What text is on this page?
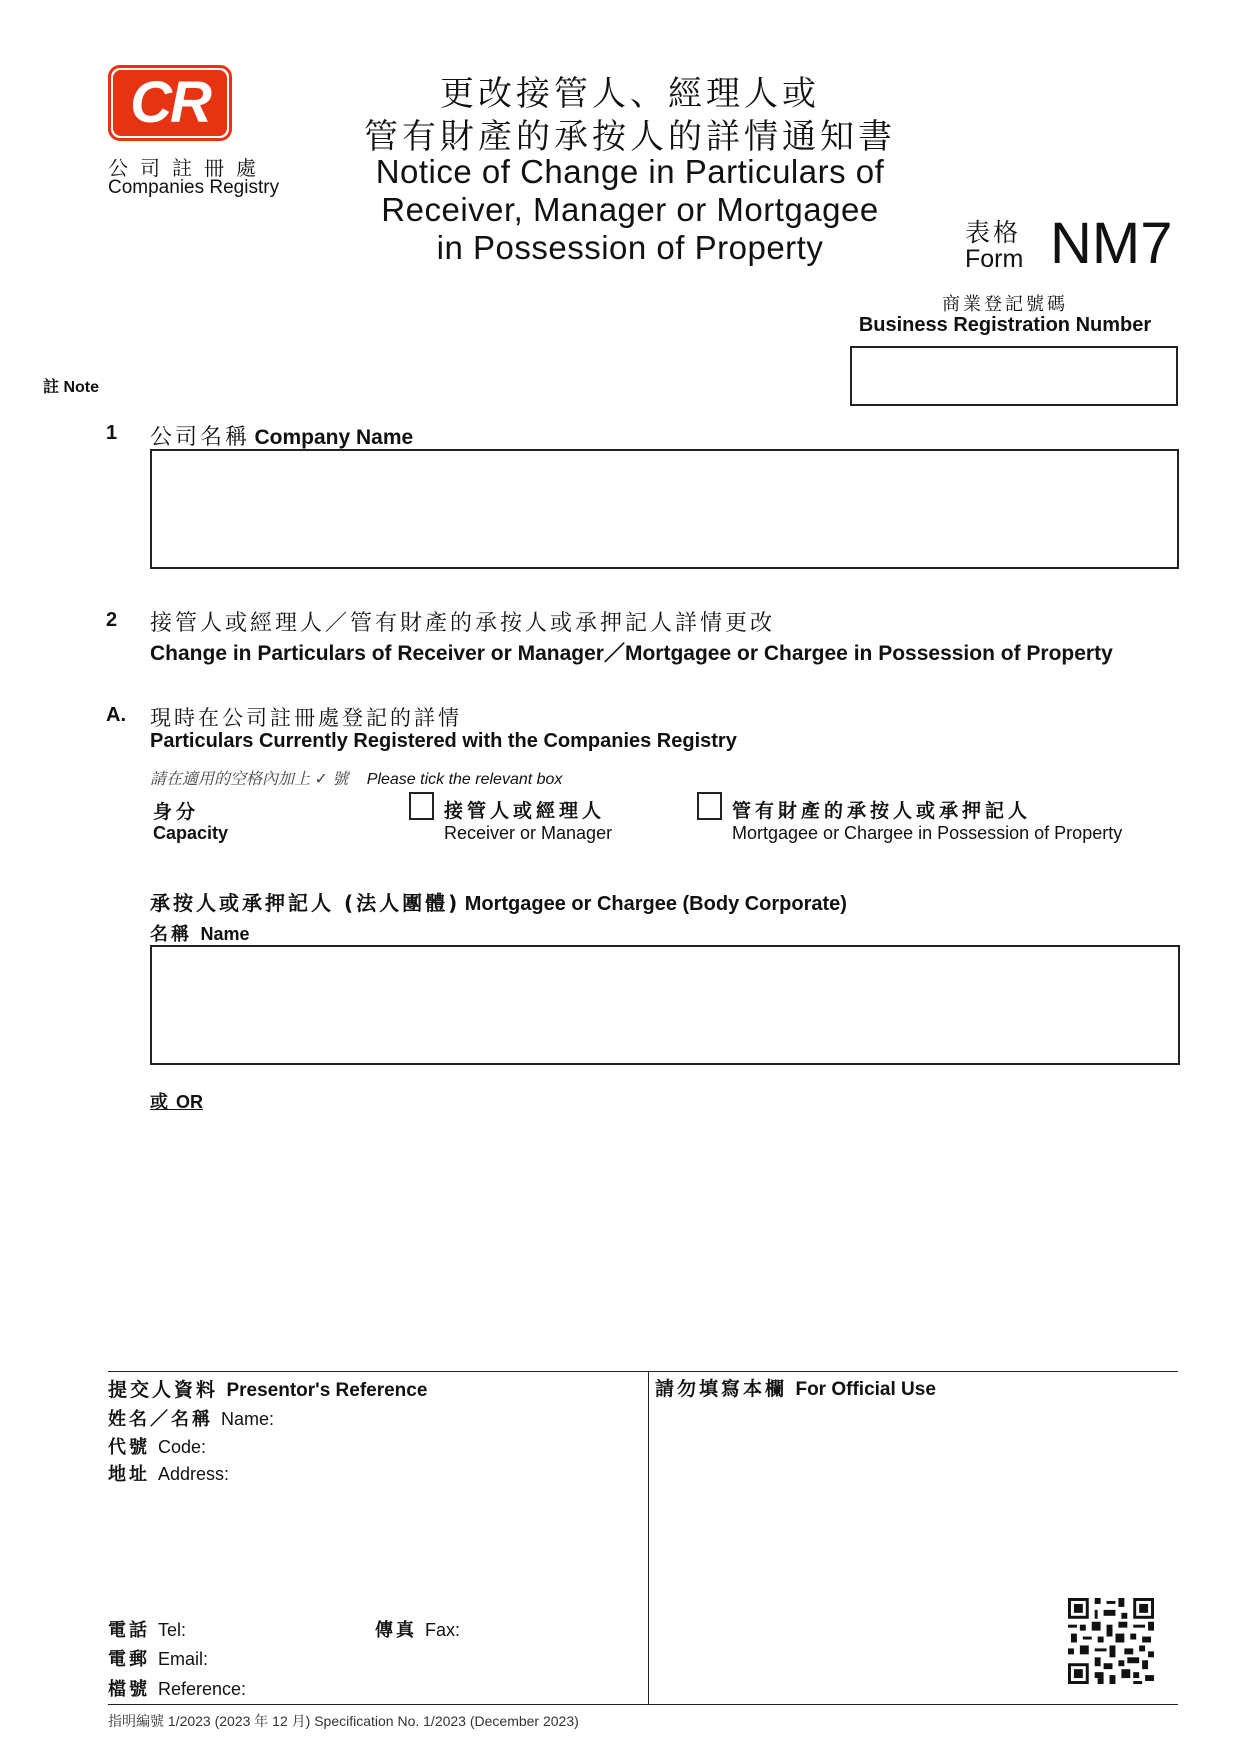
CR
公司註冊處
Companies Registry
更改接管人、經理人或
管有財產的承按人的詳情通知書
Notice of Change in Particulars of
Receiver, Manager or Mortgagee
in Possession of Property	表格
Form NM7
商業登記號碼
Business Registration Number
註 Note
1 公司名稱 Company Name
2 接管人或經理人／管有財產的承按人或承押記人詳情更改
Change in Particulars of Receiver or Manager／Mortgagee or Chargee in Possession of Property
A. 現時在公司註冊處登記的詳情
Particulars Currently Registered with the Companies Registry
請在適用的空格內加上 ✓ 號 Please tick the relevant box
身分
Capacity
接管人或經理人
Receiver or Manager
管有財產的承按人或承押記人
Mortgagee or Chargee in Possession of Property
承按人或承押記人 (法人團體) Mortgagee or Chargee (Body Corporate)
名稱 Name
或 OR
提交人資料 Presentor's Reference
姓名／名稱 Name:
代號 Code:
地址 Address:
電話 Tel:	傳真 Fax:
電郵 Email:
檔號 Reference:
請勿填寫本欄 For Official Use
指明編號 1/2023 (2023 年 12 月) Specification No. 1/2023 (December 2023)
